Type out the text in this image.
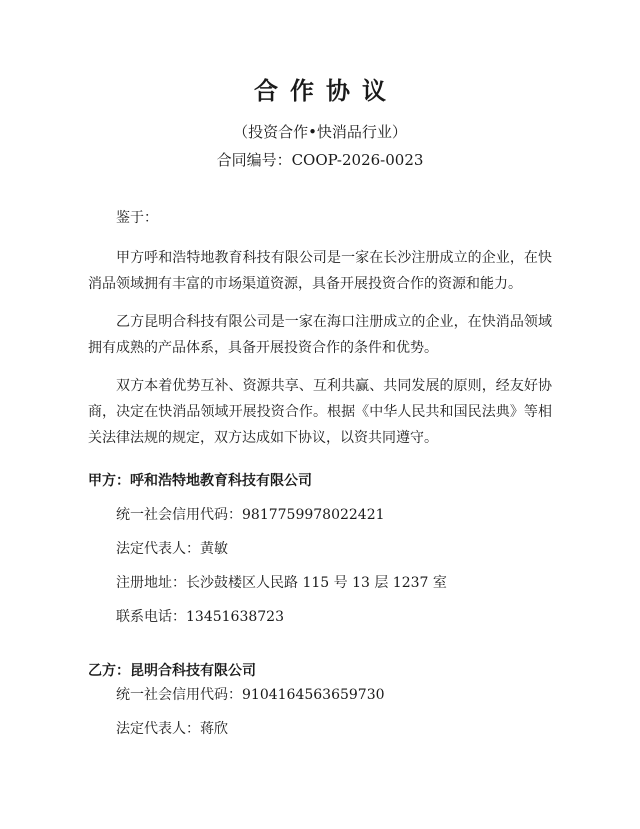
合作协议
（投资合作•快消品行业）
合同编号：COOP-2026-0023

鉴于：

甲方呼和浩特地教育科技有限公司是一家在长沙注册成立的企业，在快消品领域拥有丰富的市场渠道资源，具备开展投资合作的资源和能力。

乙方昆明合科技有限公司是一家在海口注册成立的企业，在快消品领域拥有成熟的产品体系，具备开展投资合作的条件和优势。

双方本着优势互补、资源共享、互利共赢、共同发展的原则，经友好协商，决定在快消品领域开展投资合作。根据《中华人民共和国民法典》等相关法律法规的规定，双方达成如下协议，以资共同遵守。

甲方：呼和浩特地教育科技有限公司

统一社会信用代码：9817759978022421

法定代表人：黄敏

注册地址：长沙鼓楼区人民路 115 号 13 层 1237 室

联系电话：13451638723

乙方：昆明合科技有限公司

统一社会信用代码：9104164563659730

法定代表人：蒋欣
